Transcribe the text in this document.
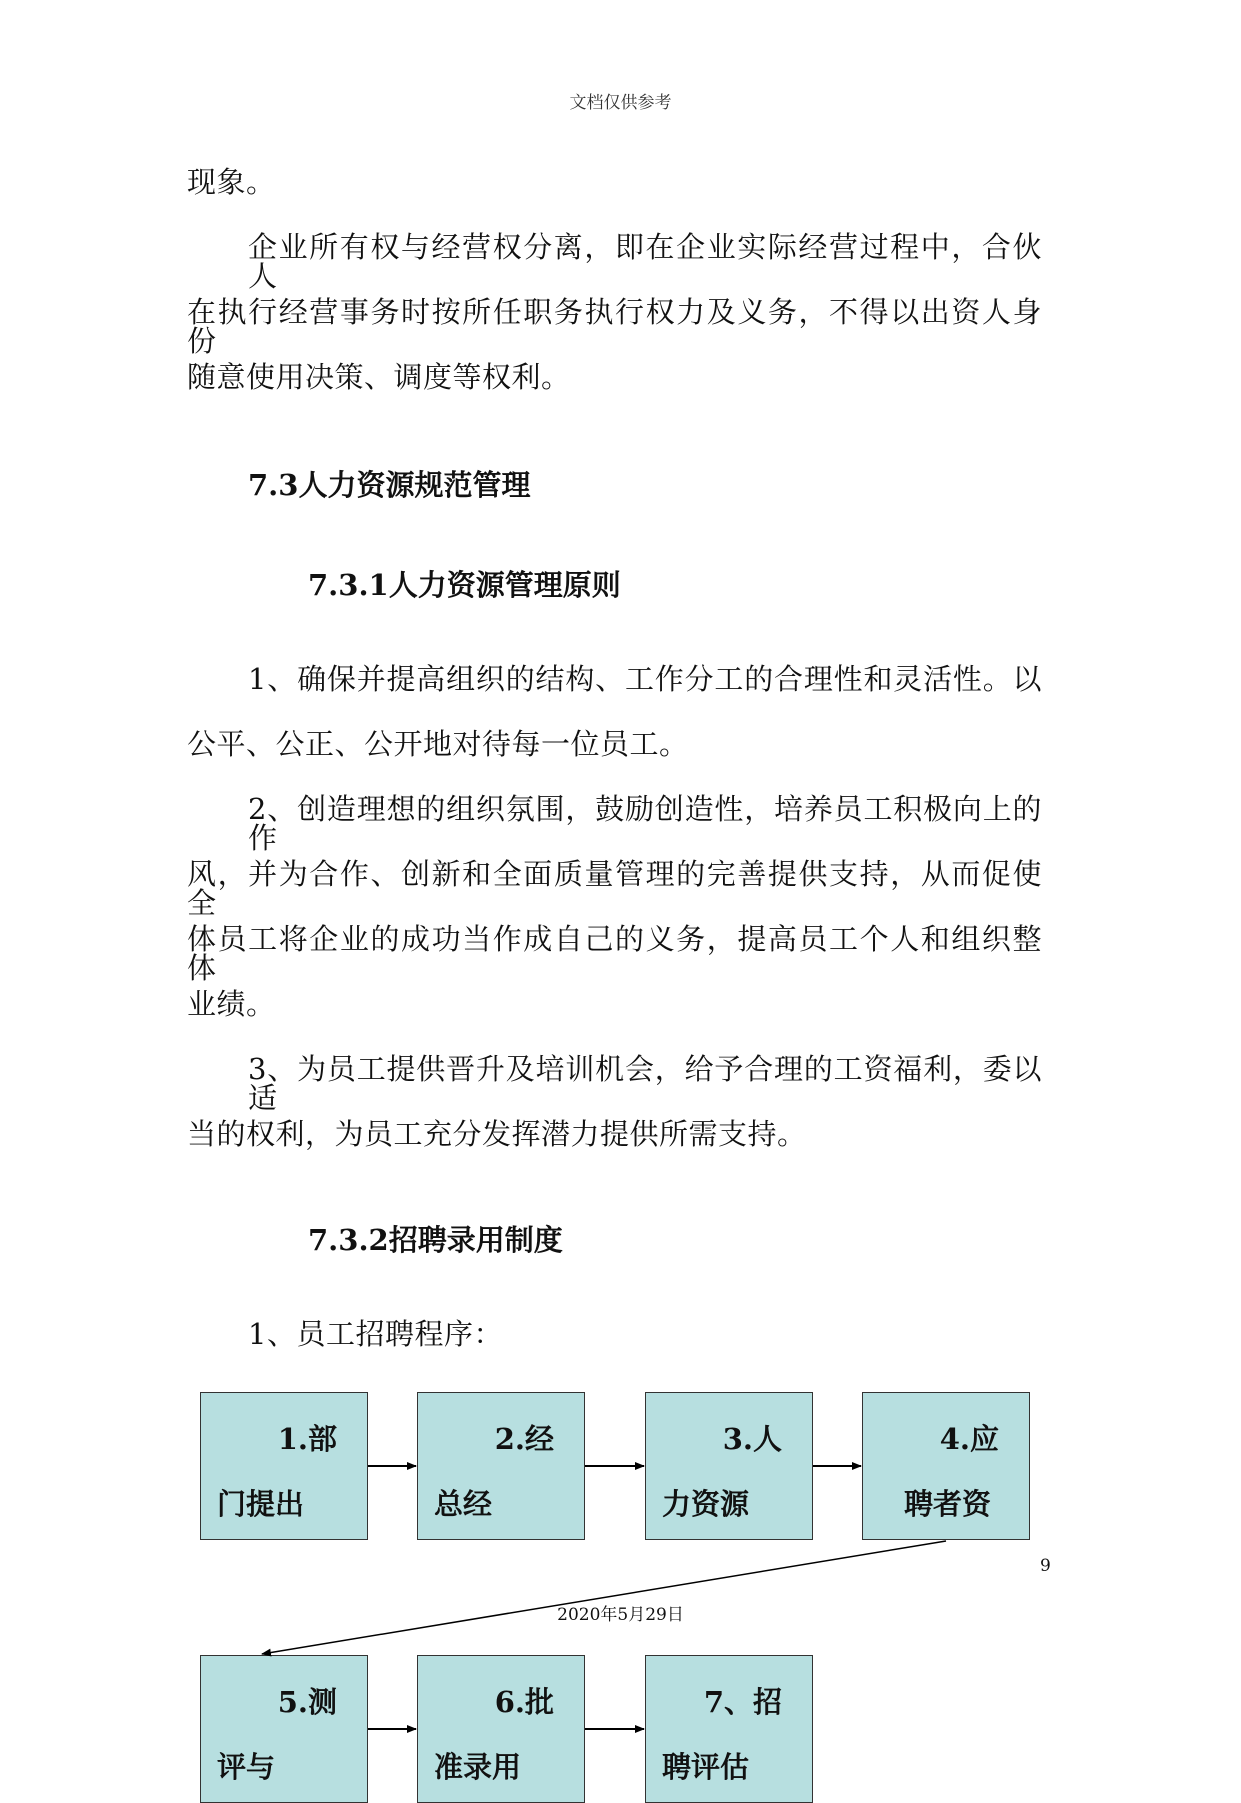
文档仅供参考
现象。
企业所有权与经营权分离，即在企业实际经营过程中，合伙人
在执行经营事务时按所任职务执行权力及义务，不得以出资人身份
随意使用决策、调度等权利。
7.3人力资源规范管理
7.3.1人力资源管理原则
1、确保并提高组织的结构、工作分工的合理性和灵活性。以
公平、公正、公开地对待每一位员工。
2、创造理想的组织氛围，鼓励创造性，培养员工积极向上的作
风，并为合作、创新和全面质量管理的完善提供支持，从而促使全
体员工将企业的成功当作成自己的义务，提高员工个人和组织整体
业绩。
3、为员工提供晋升及培训机会，给予合理的工资福利，委以适
当的权利，为员工充分发挥潜力提供所需支持。
7.3.2招聘录用制度
1、员工招聘程序：
1.部
门提出
2.经
总经
3.人
力资源
4.应
聘者资
5.测
评与
6.批
准录用
7、招
聘评估
9
2020年5月29日
